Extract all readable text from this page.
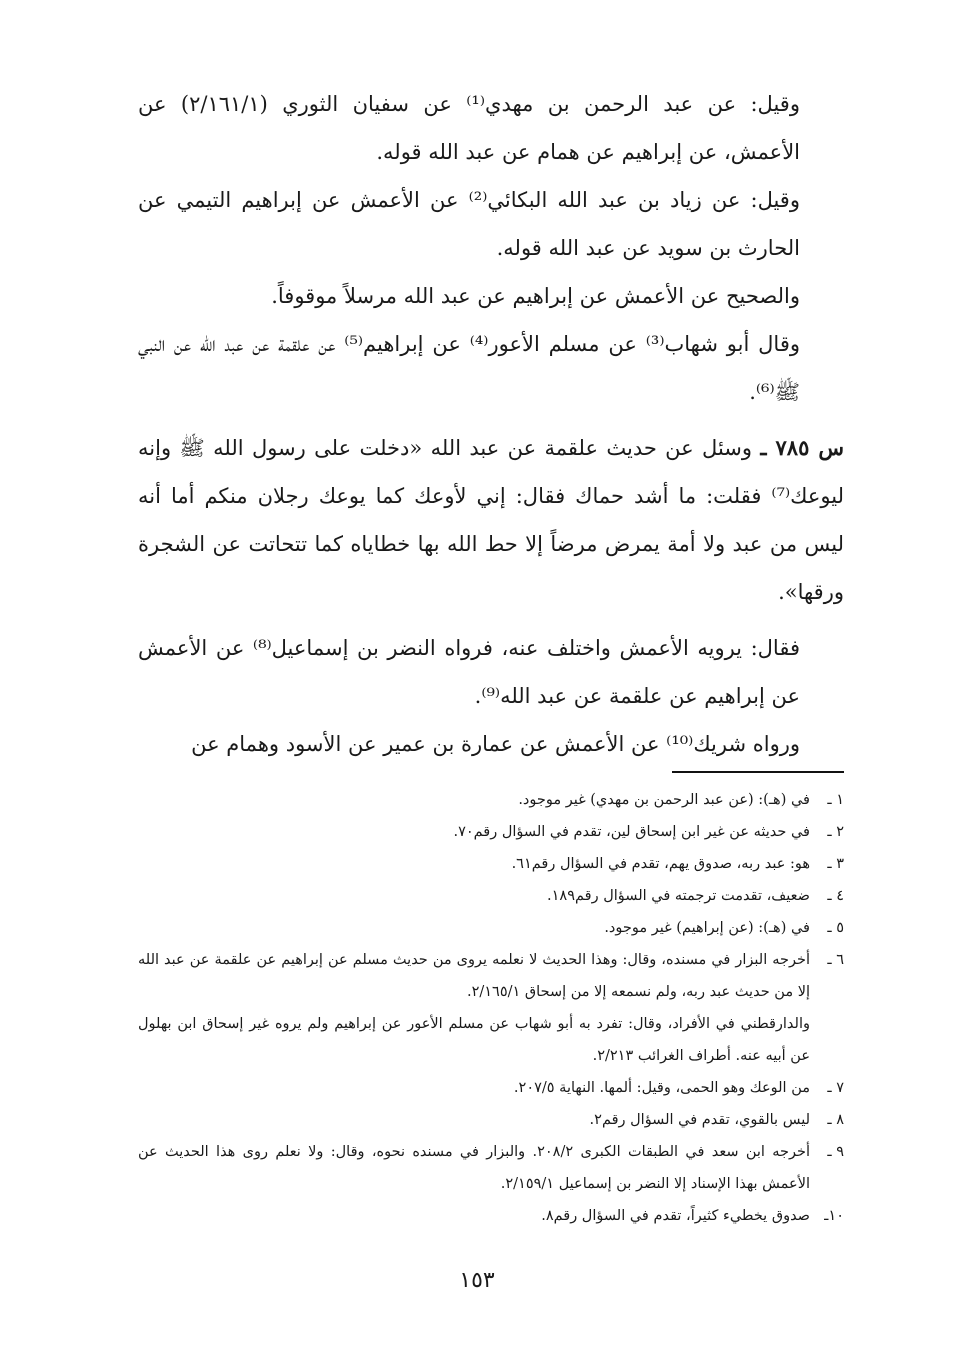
وقيل: عن عبد الرحمن بن مهدي⁽¹⁾ عن سفيان الثوري (٢/١٦١/١) عن الأعمش، عن إبراهيم عن همام عن عبد الله قوله.

وقيل: عن زياد بن عبد الله البكائي⁽²⁾ عن الأعمش عن إبراهيم التيمي عن الحارث بن سويد عن عبد الله قوله.

والصحيح عن الأعمش عن إبراهيم عن عبد الله مرسلاً موقوفاً.

وقال أبو شهاب⁽³⁾ عن مسلم الأعور⁽⁴⁾ عن إبراهيم⁽⁵⁾ عن علقمة عن عبد الله عن النبي ﷺ⁽⁶⁾.

س ٧٨٥ ـ وسئل عن حديث علقمة عن عبد الله «دخلت على رسول الله ﷺ وإنه ليوعك⁽⁷⁾ فقلت: ما أشد حماك فقال: إني لأوعك كما يوعك رجلان منكم أما أنه ليس من عبد ولا أمة يمرض مرضاً إلا حط الله بها خطاياه كما تتحاتت عن الشجرة ورقها».

فقال: يرويه الأعمش واختلف عنه، فرواه النضر بن إسماعيل⁽⁸⁾ عن الأعمش عن إبراهيم عن علقمة عن عبد الله⁽⁹⁾.

ورواه شريك⁽¹⁰⁾ عن الأعمش عن عمارة بن عمير عن الأسود وهمام عن

١ ـ
في (هـ): (عن عبد الرحمن بن مهدي) غير موجود.
٢ ـ
في حديثه عن غير ابن إسحاق لين، تقدم في السؤال رقم٧٠.
٣ ـ
هو: عبد ربه، صدوق يهم، تقدم في السؤال رقم٦١.
٤ ـ
ضعيف، تقدمت ترجمته في السؤال رقم١٨٩.
٥ ـ
في (هـ): (عن إبراهيم) غير موجود.
٦ ـ
أخرجه البزار في مسنده، وقال: وهذا الحديث لا نعلمه يروى من حديث مسلم عن إبراهيم عن علقمة عن عبد الله إلا من حديث عبد ربه، ولم نسمعه إلا من إسحاق ٢/١٦٥/١.
والدارقطني في الأفراد، وقال: تفرد به أبو شهاب عن مسلم الأعور عن إبراهيم ولم يروه غير إسحاق ابن بهلول عن أبيه عنه. أطراف الغرائب ٢/٢١٣.
٧ ـ
من الوعك وهو الحمى، وقيل: ألمها. النهاية ٢٠٧/٥.
٨ ـ
ليس بالقوي، تقدم في السؤال رقم٢.
٩ ـ
أخرجه ابن سعد في الطبقات الكبرى ٢٠٨/٢. والبزار في مسنده نحوه، وقال: ولا نعلم روى هذا الحديث عن الأعمش بهذا الإسناد إلا النضر بن إسماعيل ٢/١٥٩/١.
١٠ـ
صدوق يخطيء كثيراً، تقدم في السؤال رقم٨.
١٥٣
